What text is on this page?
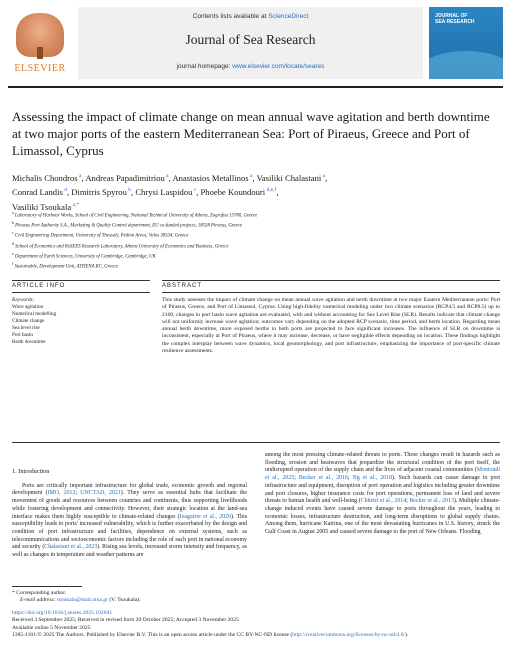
ELSEVIER
Contents lists available at ScienceDirect
Journal of Sea Research
journal homepage: www.elsevier.com/locate/seares
JOURNAL OF
SEA RESEARCH
Assessing the impact of climate change on mean annual wave agitation and berth downtime at two major ports of the eastern Mediterranean Sea: Port of Piraeus, Greece and Port of Limassol, Cyprus
Michalis Chondros $^a$, Andreas Papadimitriou $^a$, Anastasios Metallinos $^a$, Vasiliki Chalastani $^a$,
Conrad Landis $^d$, Dimitris Spyrou $^b$, Chrysi Laspidou $^c$, Phoebe Koundouri $^{d,e,f}$,
Vasiliki Tsoukala $^{a,*}$
$^a$ Laboratory of Harbour Works, School of Civil Engineering, National Technical University of Athens, Zografou 15780, Greece
$^b$ Piraeus Port Authority S.A., Marketing & Quality Control department, EU co-funded projects, 18538 Piraeus, Greece
$^c$ Civil Engineering Department, University of Thessaly, Pedion Areos, Volos 38334, Greece
$^d$ School of Economics and ReSEES Research Laboratory, Athens University of Economics and Business, Greece
$^e$ Department of Earth Sciences, University of Cambridge, Cambridge, UK
$^f$ Sustainable, Development Unit, ATHENA RC, Greece
ARTICLE INFO	ABSTRACT
Keywords:
Wave agitation
Numerical modelling
Climate change
Sea level rise
Port basin
Berth downtime
This study assesses the impact of climate change on mean annual wave agitation and berth downtime at two major Eastern Mediterranean ports: Port of Piraeus, Greece, and Port of Limassol, Cyprus. Using high-fidelity numerical modeling under two climate scenarios (RCP4.5 and RCP8.5) up to 2100, changes in port basin wave agitation are evaluated, with and without accounting for Sea Level Rise (SLR). Results indicate that climate change will not uniformly increase wave agitation; outcomes vary depending on the adopted RCP scenario, time period, and berth location. Regarding mean annual berth downtime, more exposed berths in both ports are projected to face significant increases. The influence of SLR on downtime is inconsistent, especially at Port of Piraeus, where it may increase, decrease, or have negligible effects depending on location. These findings highlight the complex interplay between wave dynamics, local geomorphology, and port infrastructure, emphasizing the importance of port-specific climate resilience assessments.
1. Introduction
Ports are critically important infrastructure for global trade, economic growth and regional development (IMO, 2012; UNCTAD, 2021). They serve as essential hubs that facilitate the movement of goods and resources between countries and continents, thus supporting livelihoods while fostering development and connectivity. However, their strategic location at the land-sea interface makes them highly susceptible to climate-related changes (Izaguirre et al., 2020). This susceptibility leads to ports' increased vulnerability, which is further exacerbated by the design and condition of port infrastructure and facilities, dependence on external systems, such as telecommunications and socioeconomic factors including the role of each port in national economy and security (Chalastani et al., 2023). Rising sea levels, increased storm intensity and frequency, as well as changes in temperature and weather patterns are
among the most pressing climate-related threats to ports. These changes result in hazards such as flooding, erosion and heatwaves that jeopardize the structural condition of the port itself, the undisrupted operation of the supply chain and the lives of adjacent coastal communities (Monioudi et al., 2025; Becker et al., 2016; Ng et al., 2018). Such hazards can cause damage to port infrastructure and equipment, disruption of port operation and logistics including greater downtime and port closures, higher insurance costs for port operations, permanent loss of land and severe threats to human health and well-being (Chhetri et al., 2014; Becker et al., 2013). Multiple climate-change induced events have caused severe damage to ports throughout the years, leading to economic losses, infrastructure destruction, and long-term disruptions to global supply chains. Among them, hurricane Katrina, one of the most devastating hurricanes in U.S. history, struck the Gulf Coast in August 2005 and caused severe damage to the port of New Orleans. Flooding
* Corresponding author.
E-mail address: tsoukala@mail.ntua.gr (V. Tsoukala).
https://doi.org/10.1016/j.seares.2025.102641
Received 3 September 2025; Received in revised form 20 October 2025; Accepted 3 November 2025
Available online 5 November 2025
1385-1101/© 2025 The Authors. Published by Elsevier B.V. This is an open access article under the CC BY-NC-ND license (http://creativecommons.org/licenses/by-nc-nd/4.0/).
